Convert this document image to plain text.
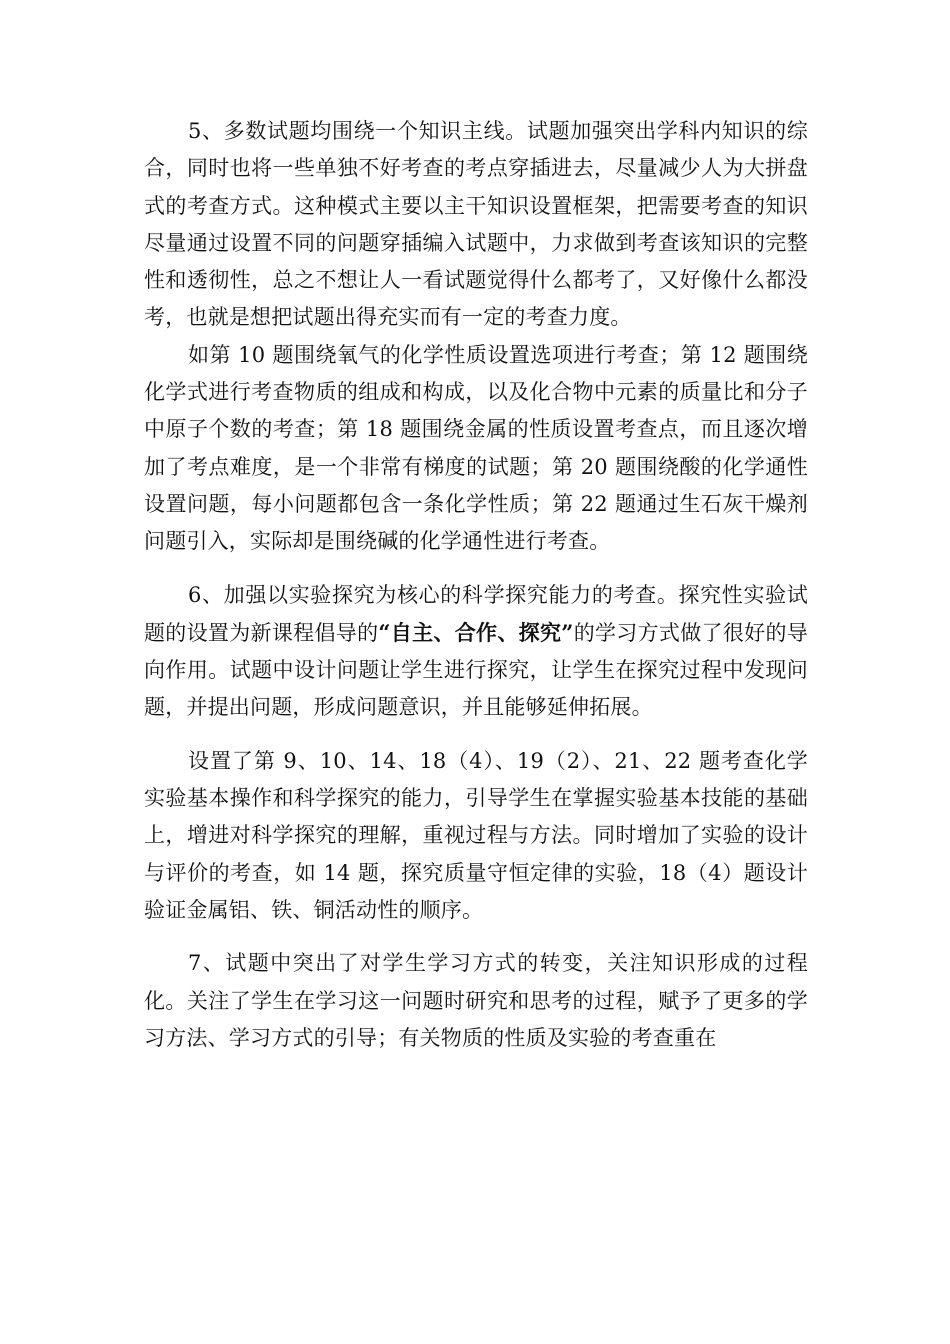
5、多数试题均围绕一个知识主线。试题加强突出学科内知识的综合，同时也将一些单独不好考查的考点穿插进去，尽量减少人为大拼盘式的考查方式。这种模式主要以主干知识设置框架，把需要考查的知识尽量通过设置不同的问题穿插编入试题中，力求做到考查该知识的完整性和透彻性，总之不想让人一看试题觉得什么都考了，又好像什么都没考，也就是想把试题出得充实而有一定的考查力度。

如第 10 题围绕氧气的化学性质设置选项进行考查；第 12 题围绕化学式进行考查物质的组成和构成，以及化合物中元素的质量比和分子中原子个数的考查；第 18 题围绕金属的性质设置考查点，而且逐次增加了考点难度，是一个非常有梯度的试题；第 20 题围绕酸的化学通性设置问题，每小问题都包含一条化学性质；第 22 题通过生石灰干燥剂问题引入，实际却是围绕碱的化学通性进行考查。

6、加强以实验探究为核心的科学探究能力的考查。探究性实验试题的设置为新课程倡导的“自主、合作、探究”的学习方式做了很好的导向作用。试题中设计问题让学生进行探究，让学生在探究过程中发现问题，并提出问题，形成问题意识，并且能够延伸拓展。

设置了第 9、10、14、18（4）、19（2）、21、22 题考查化学实验基本操作和科学探究的能力，引导学生在掌握实验基本技能的基础上，增进对科学探究的理解，重视过程与方法。同时增加了实验的设计与评价的考查，如 14 题，探究质量守恒定律的实验，18（4）题设计验证金属铝、铁、铜活动性的顺序。

7、试题中突出了对学生学习方式的转变，关注知识形成的过程化。关注了学生在学习这一问题时研究和思考的过程，赋予了更多的学习方法、学习方式的引导；有关物质的性质及实验的考查重在
